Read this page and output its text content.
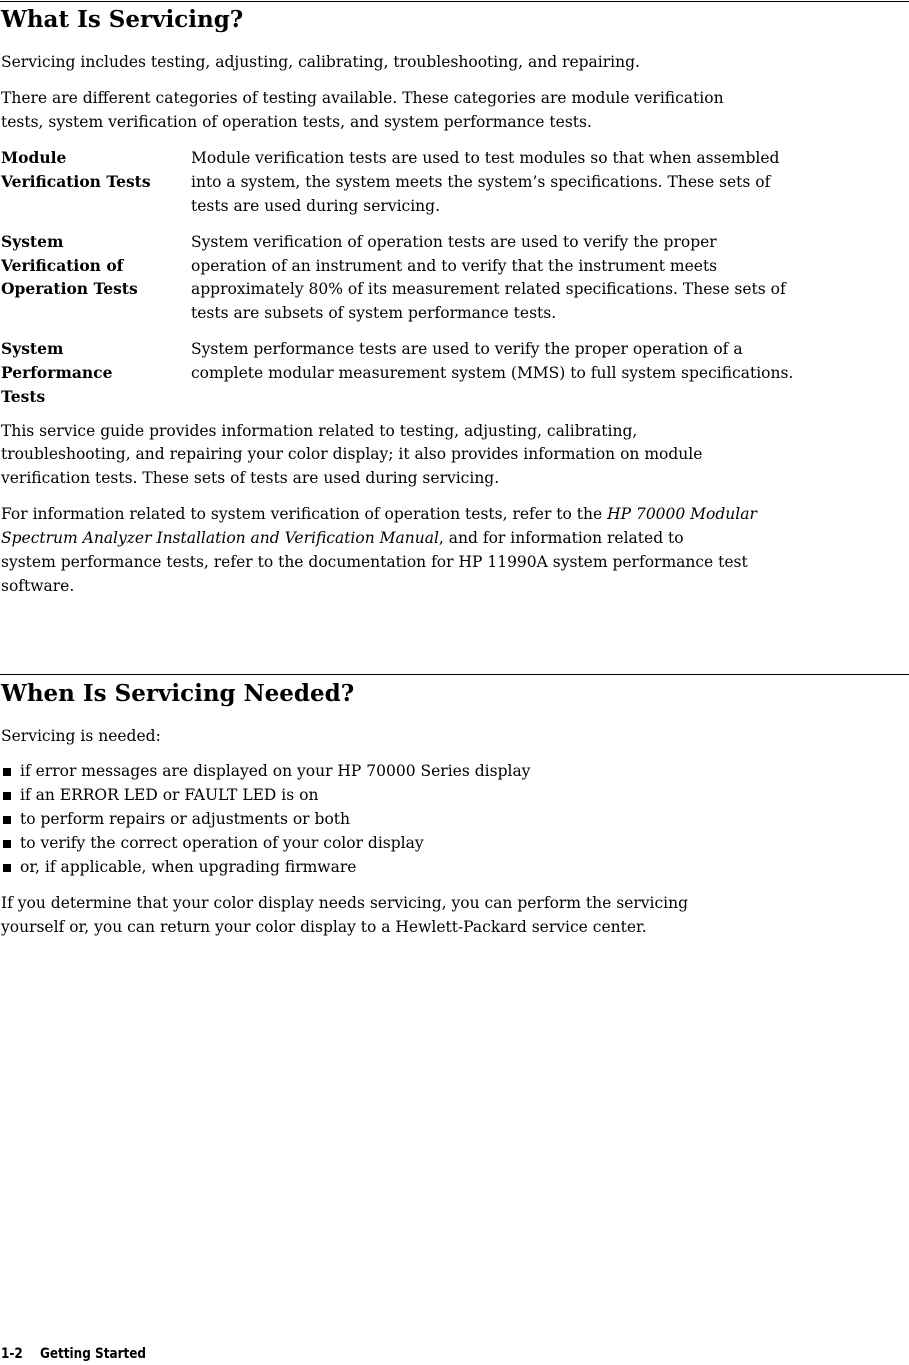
What Is Servicing?

Servicing includes testing, adjusting, calibrating, troubleshooting, and repairing.

There are different categories of testing available. These categories are module verification

tests, system verification of operation tests, and system performance tests.

Module

Verification Tests

Module verification tests are used to test modules so that when assembled

into a system, the system meets the system’s specifications. These sets of

tests are used during servicing.

System

Verification of

Operation Tests

System verification of operation tests are used to verify the proper

operation of an instrument and to verify that the instrument meets

approximately 80% of its measurement related specifications. These sets of

tests are subsets of system performance tests.

System

Performance

Tests

System performance tests are used to verify the proper operation of a

complete modular measurement system (MMS) to full system specifications.

This service guide provides information related to testing, adjusting, calibrating,

troubleshooting, and repairing your color display; it also provides information on module

verification tests. These sets of tests are used during servicing.

For information related to system verification of operation tests, refer to the HP 70000 Modular

Spectrum Analyzer Installation and Verification Manual, and for information related to

system performance tests, refer to the documentation for HP 11990A system performance test

software.

When Is Servicing Needed?

Servicing is needed:

if error messages are displayed on your HP 70000 Series display
if an ERROR LED or FAULT LED is on
to perform repairs or adjustments or both
to verify the correct operation of your color display
or, if applicable, when upgrading firmware

If you determine that your color display needs servicing, you can perform the servicing

yourself or, you can return your color display to a Hewlett-Packard service center.

1-2 Getting Started
